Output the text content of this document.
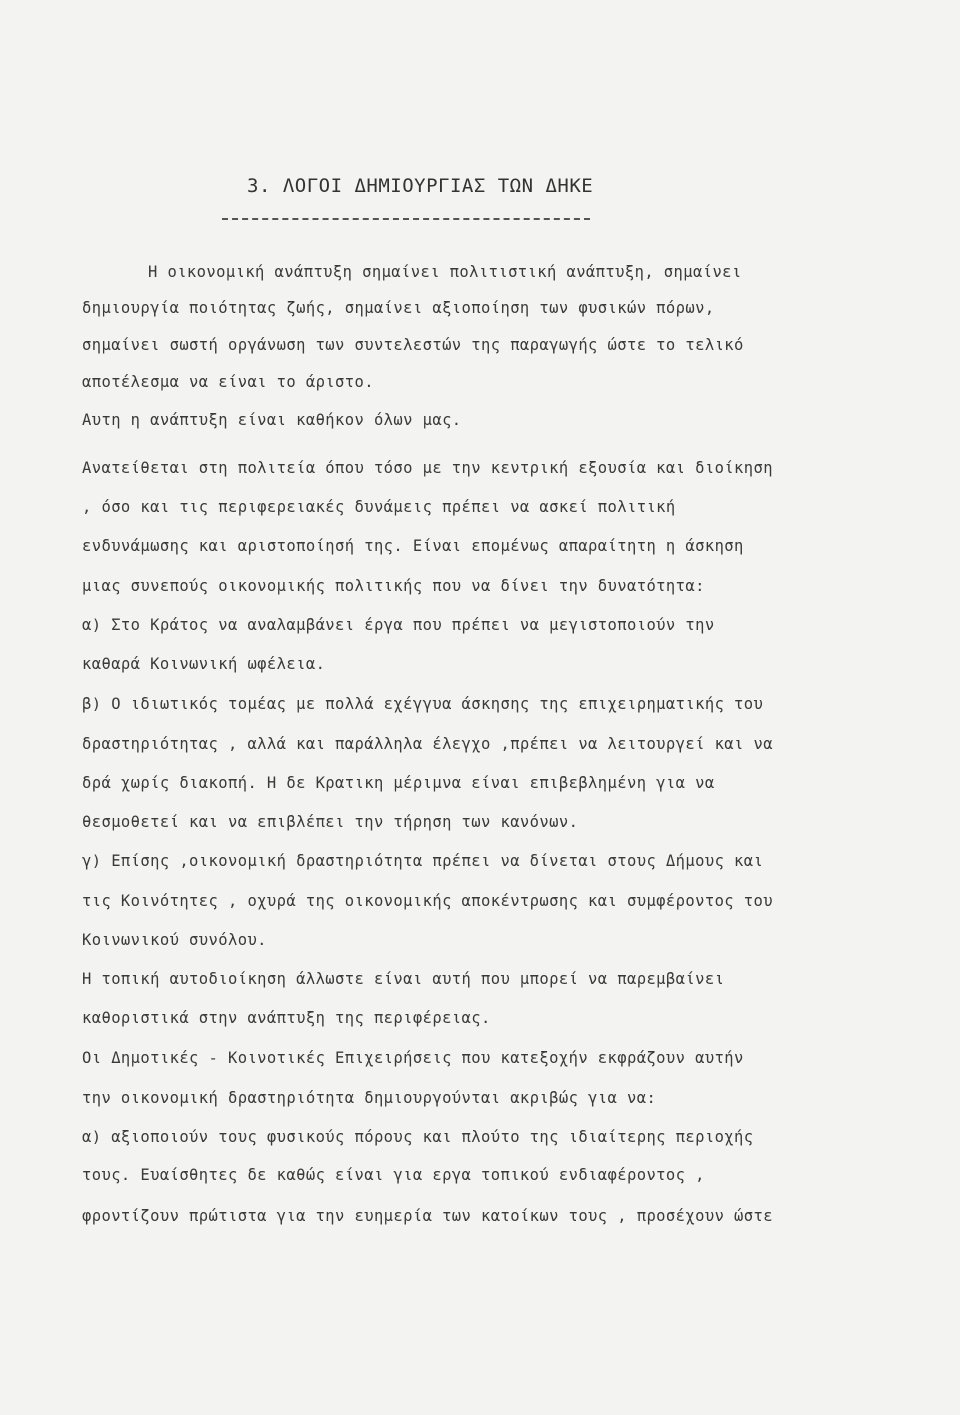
3. ΛΟΓΟΙ ΔΗΜΙΟΥΡΓΙΑΣ ΤΩΝ ΔΗΚΕ
Η οικονομική ανάπτυξη σημαίνει πολιτιστική ανάπτυξη, σημαίνει
δημιουργία ποιότητας ζωής, σημαίνει αξιοποίηση των φυσικών πόρων,
σημαίνει σωστή οργάνωση των συντελεστών της παραγωγής ώστε το τελικό
αποτέλεσμα να είναι το άριστο.
Αυτη η ανάπτυξη είναι καθήκον όλων μας.
Ανατείθεται στη πολιτεία όπου τόσο με την κεντρική εξουσία και διοίκηση
, όσο και τις περιφερειακές δυνάμεις πρέπει να ασκεί πολιτική
ενδυνάμωσης και αριστοποίησή της. Είναι επομένως απαραίτητη η άσκηση
μιας συνεπούς οικονομικής πολιτικής που να δίνει την δυνατότητα:
α) Στο Κράτος να αναλαμβάνει έργα που πρέπει να μεγιστοποιούν την
καθαρά Κοινωνική ωφέλεια.
β) Ο ιδιωτικός τομέας με πολλά εχέγγυα άσκησης της επιχειρηματικής του
δραστηριότητας , αλλά και παράλληλα έλεγχο ,πρέπει να λειτουργεί και να
δρά χωρίς διακοπή. Η δε Κρατικη μέριμνα είναι επιβεβλημένη για να
θεσμοθετεί και να επιβλέπει την τήρηση των κανόνων.
γ) Επίσης ,οικονομική δραστηριότητα πρέπει να δίνεται στους Δήμους και
τις Κοινότητες , οχυρά της οικονομικής αποκέντρωσης και συμφέροντος του
Κοινωνικού συνόλου.
Η τοπική αυτοδιοίκηση άλλωστε είναι αυτή που μπορεί να παρεμβαίνει
καθοριστικά στην ανάπτυξη της περιφέρειας.
Οι Δημοτικές - Κοινοτικές Επιχειρήσεις που κατεξοχήν εκφράζουν αυτήν
την οικονομική δραστηριότητα δημιουργούνται ακριβώς για να:
α) αξιοποιούν τους φυσικούς πόρους και πλούτο της ιδιαίτερης περιοχής
τους. Ευαίσθητες δε καθώς είναι για εργα τοπικού ενδιαφέροντος ,
φροντίζουν πρώτιστα για την ευημερία των κατοίκων τους , προσέχουν ώστε
